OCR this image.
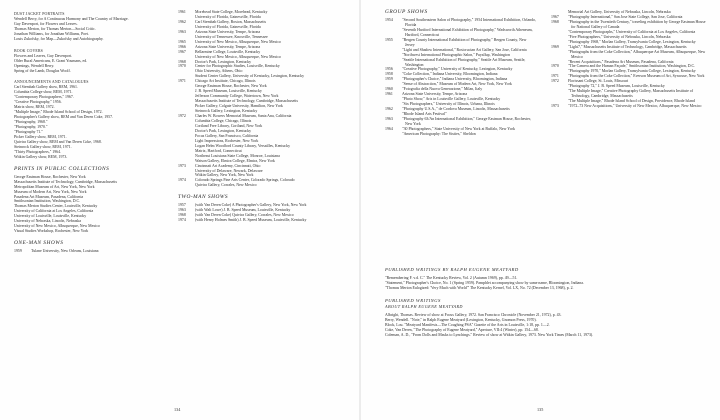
DUST JACKET PORTRAITS
Wendell Berry, for A Continuous Harmony and The Country of Marriage.
Guy Davenport, for Flowers and Leaves.
Thomas Merton, for Thomas Merton—Social Critic.
Jonathan Williams, for Jonathan Williams, Poet.
Louis Zukofsky, for Map—Zukofsky and Autobiography.
BOOK COVERS
Flowers and Leaves, Guy Davenport.
Older Rural Americans, E. Grant Youmans, ed.
Openings, Wendell Berry.
Spring of the Lamb, Douglas Woolf.
ANNOUNCEMENTS AND CATALOGUES
Carl Siembab Gallery show, REM, 1961.
Columbia College show, REM, 1971.
"Contemporary Photographers," 1967.
"Creative Photography," 1956.
Matrix show, REM, 1972.
"Multiple Image," Rhode Island School of Design, 1972.
Photographer's Gallery show, REM and Van Deren Coke, 1957.
"Photography, 1968."
"Photography, 1970."
"Photography 71."
Picker Gallery show, REM, 1971.
Quivira Gallery show, REM and Van Deren Coke, 1968.
Steinrock Gallery show, REM, 1971.
"Thirty Photographers," 1964.
Witkin Gallery show, REM, 1973.
PRINTS IN PUBLIC COLLECTIONS
George Eastman House, Rochester, New York
Massachusetts Institute of Technology, Cambridge, Massachusetts
Metropolitan Museum of Art, New York, New York
Museum of Modern Art, New York, New York
Pasadena Art Museum, Pasadena, California
Smithsonian Institution, Washington, D.C.
Thomas Merton Studies Center, Louisville, Kentucky
University of California at Los Angeles, California
University of Louisville, Louisville, Kentucky
University of Nebraska, Lincoln, Nebraska
University of New Mexico, Albuquerque, New Mexico
Visual Studies Workshop, Rochester, New York
ONE-MAN SHOWS
1959	Tulane University, New Orleans, Louisiana
1961	Morehead State College, Morehead, Kentucky
University of Florida, Gainesville, Florida
1962	Carl Siembab Gallery, Boston, Massachusetts
University of Florida, Gainesville, Florida
1963	Arizona State University, Tempe, Arizona
University of Tennessee, Knoxville, Tennessee
1965	University of New Mexico, Albuquerque, New Mexico
1966	Arizona State University, Tempe, Arizona
1967	Bellarmine College, Louisville, Kentucky
University of New Mexico, Albuquerque, New Mexico
1968	Doctor's Park, Lexington, Kentucky
1970	Center for Photographic Studies, Louisville, Kentucky
Ohio University, Athens, Ohio
Student Center Gallery, University of Kentucky, Lexington, Kentucky
1971	Chicago Art Institute, Chicago, Illinois
George Eastman House, Rochester, New York
J. B. Speed Museum, Louisville, Kentucky
Jefferson Community College, Watertown, New York
Massachusetts Institute of Technology, Cambridge, Massachusetts
Picker Gallery, Colgate University, Hamilton, New York
Steinrock Gallery, Lexington, Kentucky
1972	Charles W. Bowers Memorial Museum, Santa Ana, California
Columbia College, Chicago, Illinois
Cortland Free Library, Cortland, New York
Doctor's Park, Lexington, Kentucky
Focus Gallery, San Francisco, California
Light Impressions, Rochester, New York
Logan Helm Woodford County Library, Versailles, Kentucky
Matrix, Hartford, Connecticut
Northeast Louisiana State College, Monroe, Louisiana
Watson Gallery, Elmira College, Elmira, New York
1973	Cincinnati Art Academy, Cincinnati, Ohio
University of Delaware, Newark, Delaware
Witkin Gallery, New York, New York
1974	Colorado Springs Fine Arts Center, Colorado Springs, Colorado
Quivira Gallery, Corrales, New Mexico
TWO-MAN SHOWS
1957	(with Van Deren Coke) A Photographer's Gallery, New York, New York
1963	(with Walt Lowe) J. B. Speed Museum, Louisville, Kentucky
1968	(with Van Deren Coke) Quivira Gallery, Corrales, New Mexico
1974	(with Henry Holmes Smith) J. B. Speed Museum, Louisville, Kentucky
134
GROUP SHOWS
1954	"Second Southeastern Salon of Photography," 1954 International Exhibition, Orlando, Florida
"Seventh Hartford International Exhibition of Photography," Wadsworth Atheneum, Hartford, Connecticut
1955	"Bergen County International Exhibition of Photography," Bergen County, New Jersey
"Light and Shadow International," Rosicrucian Art Gallery, San Jose, California
"Northwest International Photographic Salon," Puyallup, Washington
"Seattle International Exhibition of Photography," Seattle Art Museum, Seattle, Washington
1956	"Creative Photography," University of Kentucky, Lexington, Kentucky
1958	"Coke Collection," Indiana University, Bloomington, Indiana
1959	"Photographer's Choice," Indiana University, Bloomington, Indiana
"Sense of Abstraction," Museum of Modern Art, New York, New York
1960	"Fotografia della Nuova Generazione," Milan, Italy
1961	Arizona State University, Tempe, Arizona
"Photo Show," Arts in Louisville Gallery, Louisville, Kentucky
"Six Photographers," University of Illinois, Urbana, Illinois
1962	"Photography U.S.A.," de Cordova Museum, Lincoln, Massachusetts
"Rhode Island Arts Festival"
1963	"Photography 63/An International Exhibition," George Eastman House, Rochester, New York
1964	"30 Photographers," State University of New York at Buffalo, New York
"American Photography: The Sixties," Sheldon
Memorial Art Gallery, University of Nebraska, Lincoln, Nebraska
1967	"Photography International," San Jose State College, San Jose, California
1968	"Photography in the Twentieth Century," traveling exhibition by George Eastman House for National Gallery of Canada
"Contemporary Photographs," University of California at Los Angeles, California
"Five Photographers," University of Nebraska, Lincoln, Nebraska
"Photography 1968," Morlan Gallery, Transylvania College, Lexington, Kentucky
1969	"Light7," Massachusetts Institute of Technology, Cambridge, Massachusetts
"Photographs from the Coke Collection," Albuquerque Art Museum, Albuquerque, New Mexico
"Recent Acquisitions," Pasadena Art Museum, Pasadena, California
1970	"The Camera and the Human Façade," Smithsonian Institution, Washington, D.C.
"Photography 1970," Morlan Gallery, Transylvania College, Lexington, Kentucky
1971	"Photographs from the Coke Collection," Everson Museum of Art, Syracuse, New York
1972	Florissant College, St. Louis, Missouri
"Photography 72," J. B. Speed Museum, Louisville, Kentucky
"The Multiple Image," Creative Photography Gallery, Massachusetts Institute of Technology, Cambridge, Massachusetts
"The Multiple Image," Rhode Island School of Design, Providence, Rhode Island
1973	"1972–73 New Acquisitions," University of New Mexico, Albuquerque, New Mexico
PUBLISHED WRITINGS BY RALPH EUGENE MEATYARD
"Remembering F. v.d. C." The Kentucky Review, Vol. 2 (Autumn 1969), pp. 49—51.
"Statement," Photographer's Choice, No. 1 (Spring 1959). Pamphlet accompanying show by same name, Bloomington, Indiana.
"Thomas Merton Eulogized: 'Very Much with World'" The Kentucky Kernel, Vol. LX, No. 72 (December 13, 1968), p. 2.
PUBLISHED WRITINGS
ABOUT RALPH EUGENE MEATYARD
Albright, Thomas. Review of show at Focus Gallery, 1972. San Francisco Chronicle (November 21, 1972), p. 43.
Berry, Wendell. "Note," in Ralph Eugene Meatyard (Lexington, Kentucky, Gnomon Press, 1970).
Block, Lou. "Meatyard Manifests—The Coughing PSA" Gazette of the Arts in Louisville, 1:18, pp. 1—2.
Coke, Van Deren, "The Photography of Eugene Meatyard," Aperture, VII:4 (Winter), pp. 154—68.
Coleman, A. D., "From Dolls and Masks to Lynchings." Review of show at Witkin Gallery, 1973. New York Times (March 11, 1973).
135
